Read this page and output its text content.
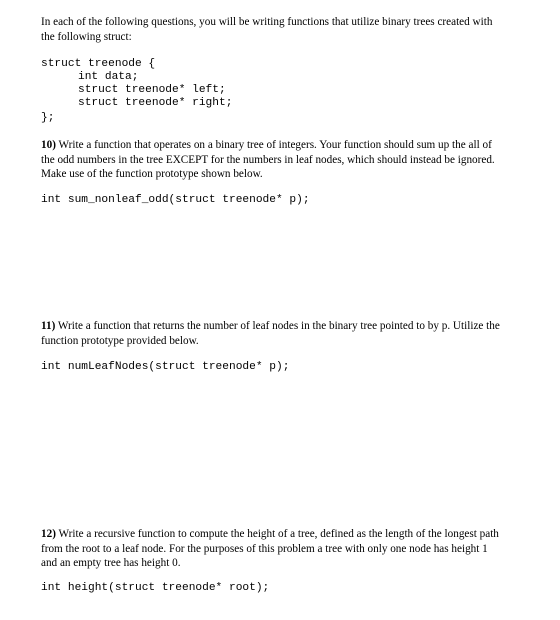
In each of the following questions, you will be writing functions that utilize binary trees created with the following struct:

struct treenode {
int data;
struct treenode* left;
struct treenode* right;
};

10) Write a function that operates on a binary tree of integers. Your function should sum up the all of the odd numbers in the tree EXCEPT for the numbers in leaf nodes, which should instead be ignored. Make use of the function prototype shown below.

int sum_nonleaf_odd(struct treenode* p);

11) Write a function that returns the number of leaf nodes in the binary tree pointed to by p. Utilize the function prototype provided below.

int numLeafNodes(struct treenode* p);

12) Write a recursive function to compute the height of a tree, defined as the length of the longest path from the root to a leaf node. For the purposes of this problem a tree with only one node has height 1 and an empty tree has height 0.

int height(struct treenode* root);
